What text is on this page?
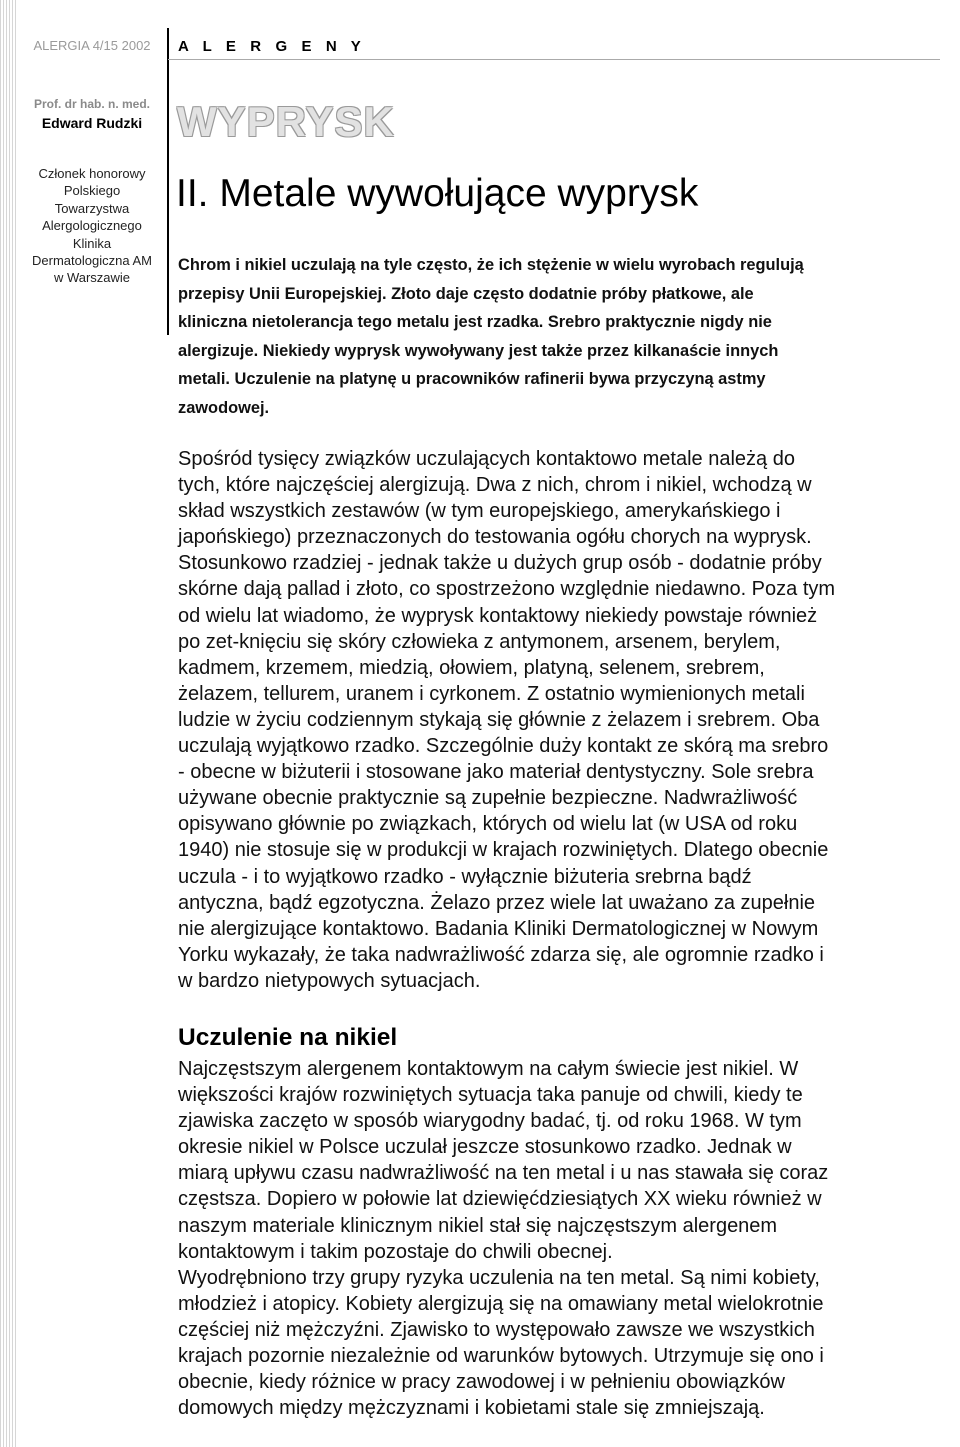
ALERGIA 4/15 2002
Prof. dr hab. n. med.
Edward Rudzki
Członek honorowy
Polskiego
Towarzystwa
Alergologicznego
Klinika
Dermatologiczna AM
w Warszawie
A L E R G E N Y
WYPRYSK
II. Metale wywołujące wyprysk
Chrom i nikiel uczulają na tyle często, że ich stężenie w wielu wyrobach regulują
przepisy Unii Europejskiej. Złoto daje często dodatnie próby płatkowe, ale
kliniczna nietolerancja tego metalu jest rzadka. Srebro praktycznie nigdy nie
alergizuje. Niekiedy wyprysk wywoływany jest także przez kilkanaście innych
metali. Uczulenie na platynę u pracowników rafinerii bywa przyczyną astmy
zawodowej.
Spośród tysięcy związków uczulających kontaktowo metale należą do
tych, które najczęściej alergizują. Dwa z nich, chrom i nikiel, wchodzą w
skład wszystkich zestawów (w tym europejskiego, amerykańskiego i
japońskiego) przeznaczonych do testowania ogółu chorych na wyprysk.
Stosunkowo rzadziej - jednak także u dużych grup osób - dodatnie próby
skórne dają pallad i złoto, co spostrzeżono względnie niedawno. Poza tym
od wielu lat wiadomo, że wyprysk kontaktowy niekiedy powstaje również
po zet-knięciu się skóry człowieka z antymonem, arsenem, berylem,
kadmem, krzemem, miedzią, ołowiem, platyną, selenem, srebrem,
żelazem, tellurem, uranem i cyrkonem. Z ostatnio wymienionych metali
ludzie w życiu codziennym stykają się głównie z żelazem i srebrem. Oba
uczulają wyjątkowo rzadko. Szczególnie duży kontakt ze skórą ma srebro
- obecne w biżuterii i stosowane jako materiał dentystyczny. Sole srebra
używane obecnie praktycznie są zupełnie bezpieczne. Nadwrażliwość
opisywano głównie po związkach, których od wielu lat (w USA od roku
1940) nie stosuje się w produkcji w krajach rozwiniętych. Dlatego obecnie
uczula - i to wyjątkowo rzadko - wyłącznie biżuteria srebrna bądź
antyczna, bądź egzotyczna. Żelazo przez wiele lat uważano za zupełnie
nie alergizujące kontaktowo. Badania Kliniki Dermatologicznej w Nowym
Yorku wykazały, że taka nadwrażliwość zdarza się, ale ogromnie rzadko i
w bardzo nietypowych sytuacjach.
Uczulenie na nikiel
Najczęstszym alergenem kontaktowym na całym świecie jest nikiel. W
większości krajów rozwiniętych sytuacja taka panuje od chwili, kiedy te
zjawiska zaczęto w sposób wiarygodny badać, tj. od roku 1968. W tym
okresie nikiel w Polsce uczulał jeszcze stosunkowo rzadko. Jednak w
miarą upływu czasu nadwrażliwość na ten metal i u nas stawała się coraz
częstsza. Dopiero w połowie lat dziewięćdziesiątych XX wieku również w
naszym materiale klinicznym nikiel stał się najczęstszym alergenem
kontaktowym i takim pozostaje do chwili obecnej.
Wyodrębniono trzy grupy ryzyka uczulenia na ten metal. Są nimi kobiety,
młodzież i atopicy. Kobiety alergizują się na omawiany metal wielokrotnie
częściej niż mężczyźni. Zjawisko to występowało zawsze we wszystkich
krajach pozornie niezależnie od warunków bytowych. Utrzymuje się ono i
obecnie, kiedy różnice w pracy zawodowej i w pełnieniu obowiązków
domowych między mężczyznami i kobietami stale się zmniejszają.
